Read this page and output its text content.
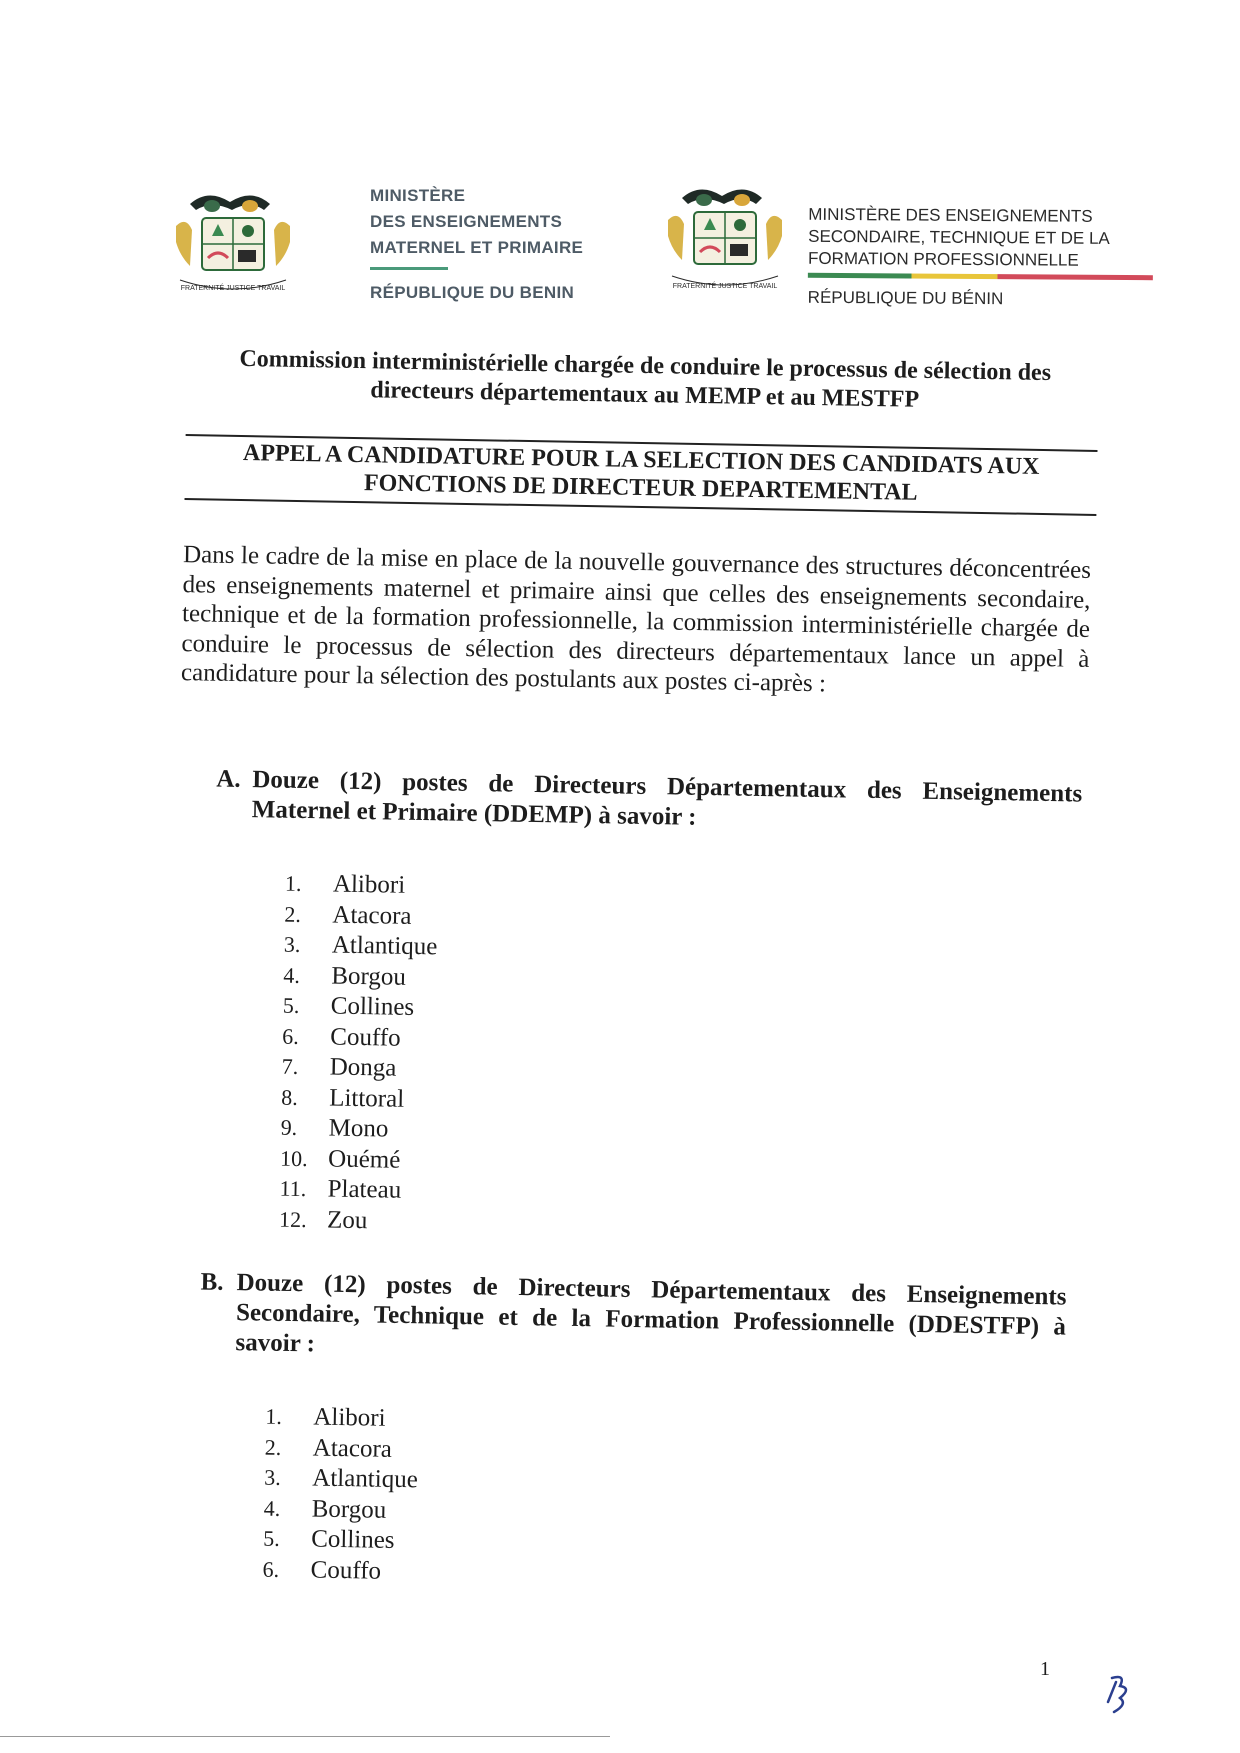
FRATERNITÉ JUSTICE TRAVAIL
MINISTÈRE
DES ENSEIGNEMENTS
MATERNEL ET PRIMAIRE
RÉPUBLIQUE DU BENIN	FRATERNITÉ JUSTICE TRAVAIL
MINISTÈRE DES ENSEIGNEMENTS
SECONDAIRE, TECHNIQUE ET DE LA
FORMATION PROFESSIONNELLE
RÉPUBLIQUE DU BÉNIN
Commission interministérielle chargée de conduire le processus de sélection des directeurs départementaux au MEMP et au MESTFP
APPEL A CANDIDATURE POUR LA SELECTION DES CANDIDATS AUX FONCTIONS DE DIRECTEUR DEPARTEMENTAL
Dans le cadre de la mise en place de la nouvelle gouvernance des structures déconcentrées des enseignements maternel et primaire ainsi que celles des enseignements secondaire, technique et de la formation professionnelle, la commission interministérielle chargée de conduire le processus de sélection des directeurs départementaux lance un appel à candidature pour la sélection des postulants aux postes ci-après :
A. Douze (12) postes de Directeurs Départementaux des Enseignements Maternel et Primaire (DDEMP) à savoir :
1.	Alibori
2.	Atacora
3.	Atlantique
4.	Borgou
5.	Collines
6.	Couffo
7.	Donga
8.	Littoral
9.	Mono
10. Ouémé
11. Plateau
12. Zou
B. Douze (12) postes de Directeurs Départementaux des Enseignements Secondaire, Technique et de la Formation Professionnelle (DDESTFP) à savoir :
1.	Alibori
2.	Atacora
3.	Atlantique
4.	Borgou
5.	Collines
6.	Couffo
1
